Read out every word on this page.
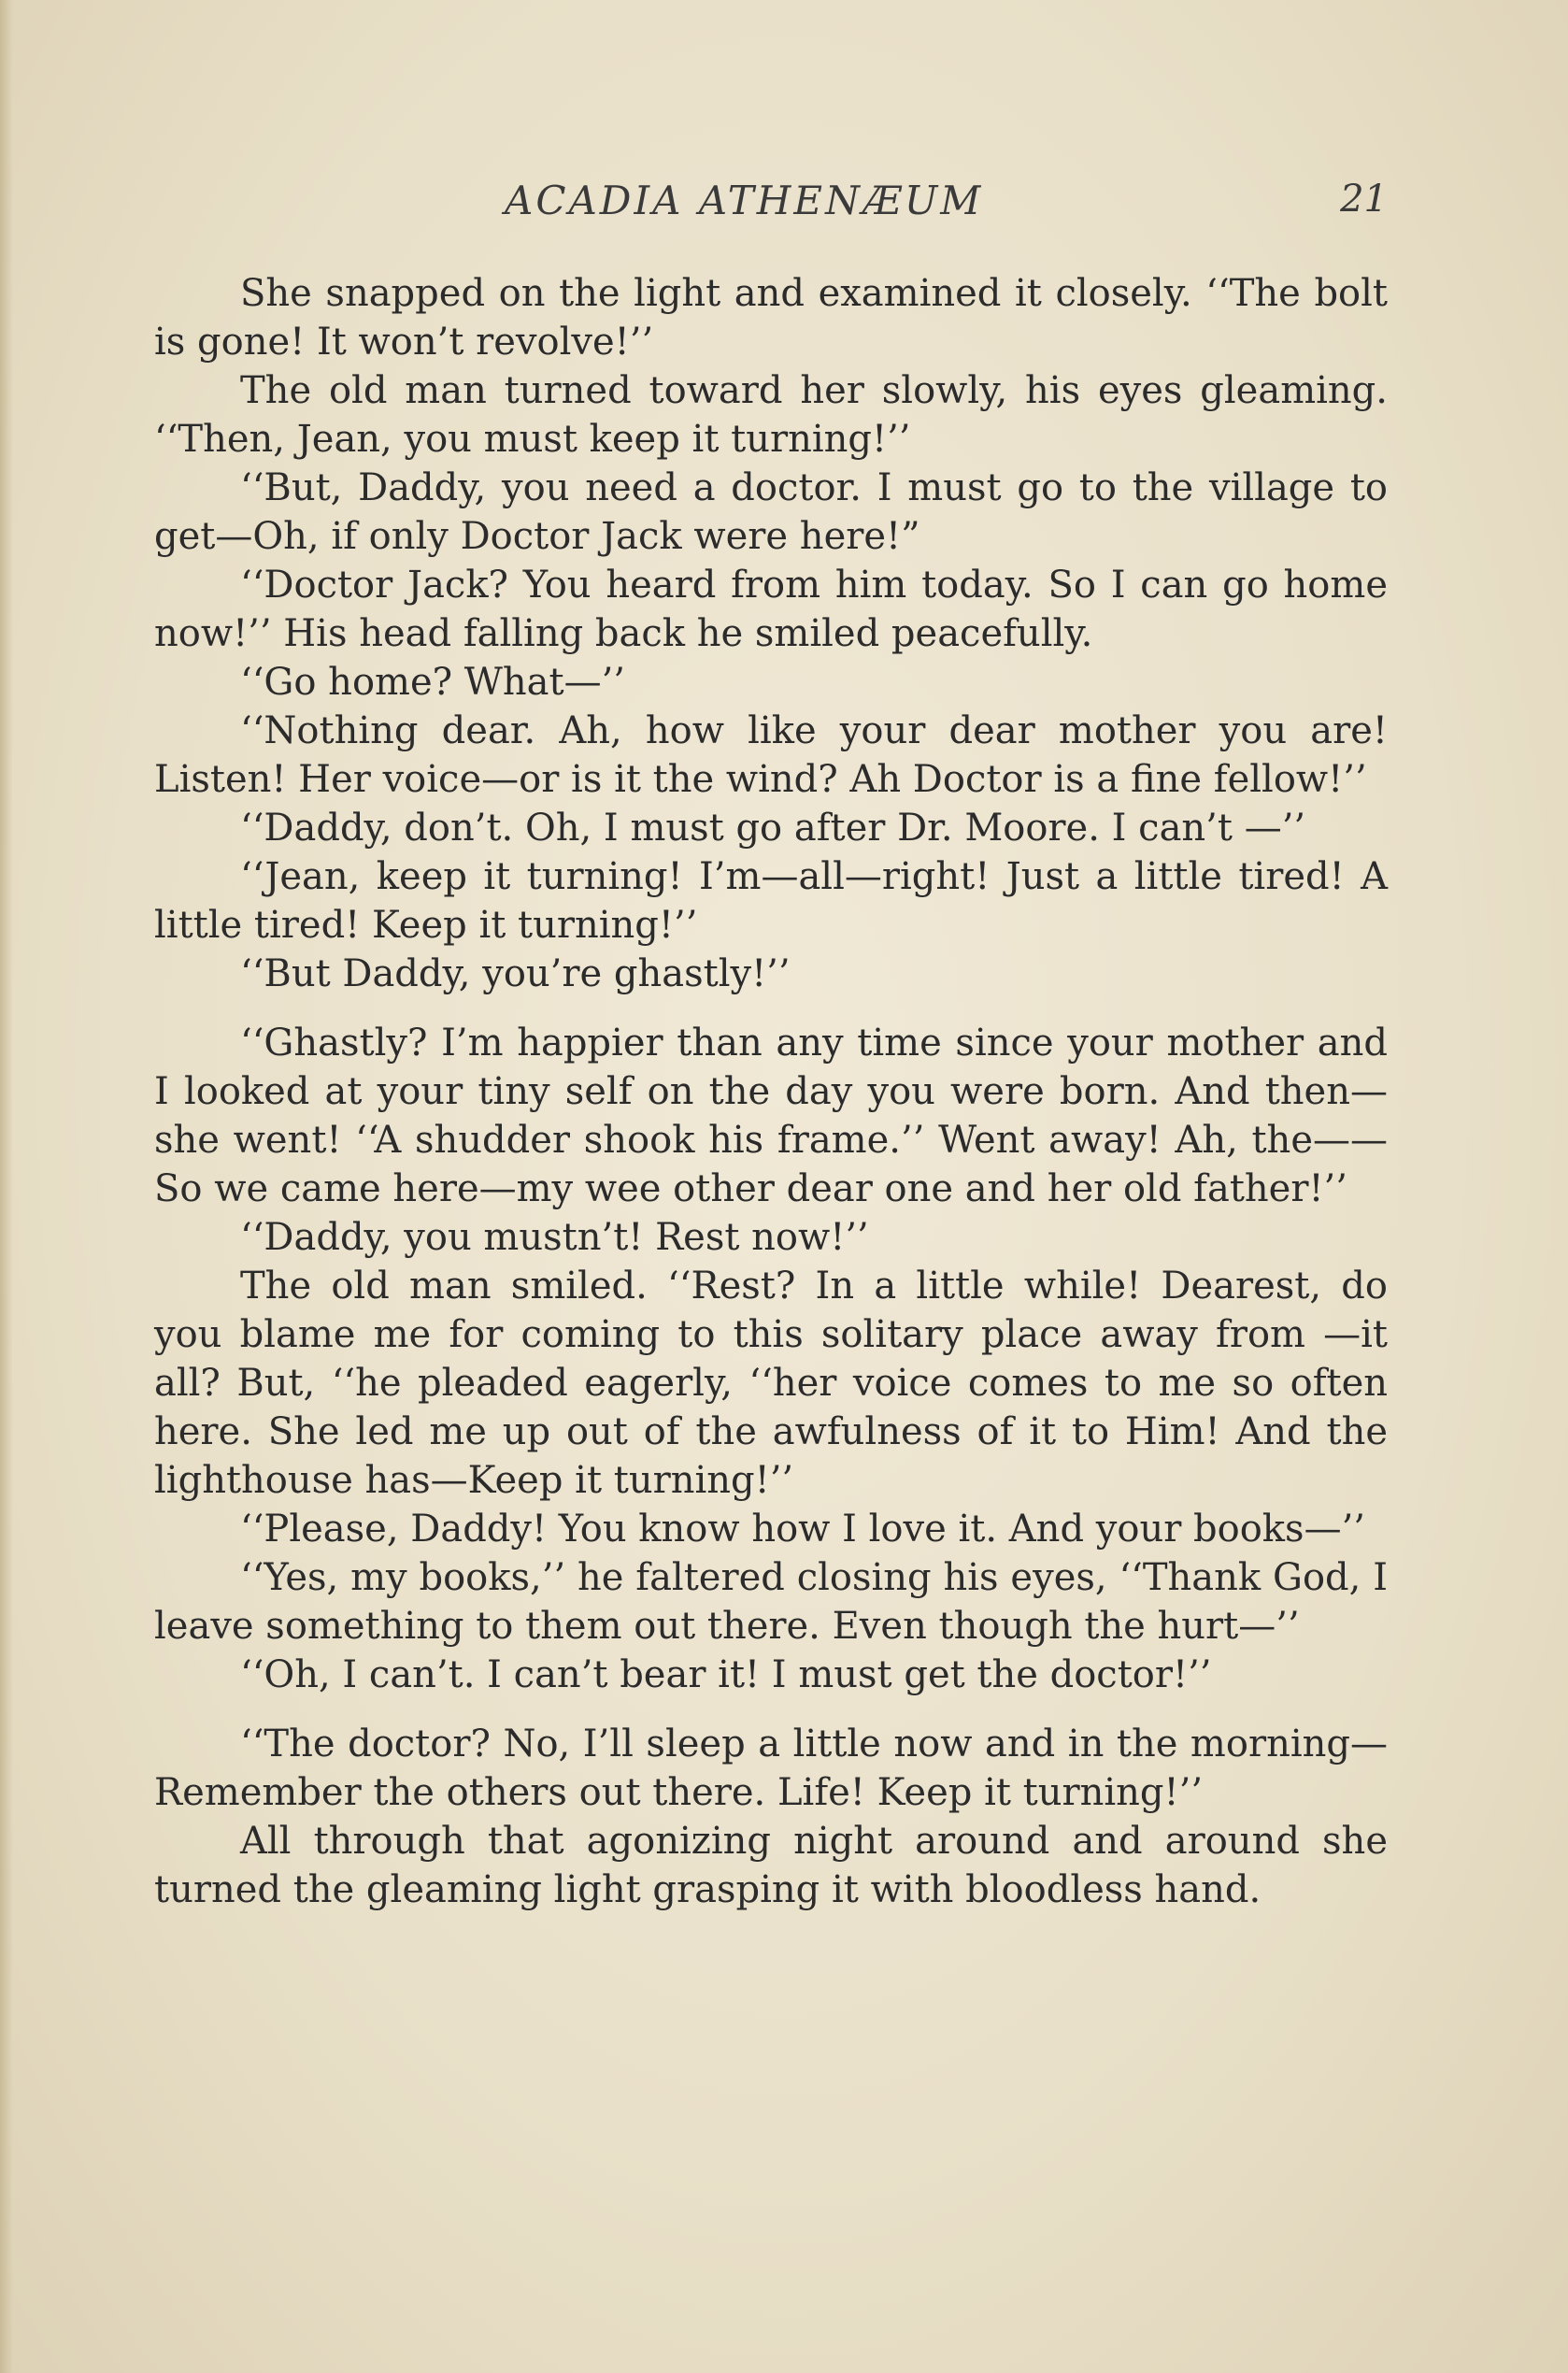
ACADIA ATHENÆUM	21

She snapped on the light and examined it closely. ‘‘The bolt is gone! It won’t revolve!’’

The old man turned toward her slowly, his eyes gleaming. ‘‘Then, Jean, you must keep it turning!’’

‘‘But, Daddy, you need a doctor. I must go to the village to get—Oh, if only Doctor Jack were here!”

‘‘Doctor Jack? You heard from him today. So I can go home now!’’ His head falling back he smiled peacefully.

‘‘Go home? What—’’

‘‘Nothing dear. Ah, how like your dear mother you are! Listen! Her voice—or is it the wind? Ah Doctor is a fine fellow!’’

‘‘Daddy, don’t. Oh, I must go after Dr. Moore. I can’t —’’

‘‘Jean, keep it turning! I’m—all—right! Just a little tired! A little tired! Keep it turning!’’

‘‘But Daddy, you’re ghastly!’’

‘‘Ghastly? I’m happier than any time since your mother and I looked at your tiny self on the day you were born. And then—she went! ‘‘A shudder shook his frame.’’ Went away! Ah, the——So we came here—my wee other dear one and her old father!’’

‘‘Daddy, you mustn’t! Rest now!’’

The old man smiled. ‘‘Rest? In a little while! Dearest, do you blame me for coming to this solitary place away from —it all? But, ‘‘he pleaded eagerly, ‘‘her voice comes to me so often here. She led me up out of the awfulness of it to Him! And the lighthouse has—Keep it turning!’’

‘‘Please, Daddy! You know how I love it. And your books—’’

‘‘Yes, my books,’’ he faltered closing his eyes, ‘‘Thank God, I leave something to them out there. Even though the hurt—’’

‘‘Oh, I can’t. I can’t bear it! I must get the doctor!’’

‘‘The doctor? No, I’ll sleep a little now and in the morning—Remember the others out there. Life! Keep it turning!’’

All through that agonizing night around and around she turned the gleaming light grasping it with bloodless hand.
